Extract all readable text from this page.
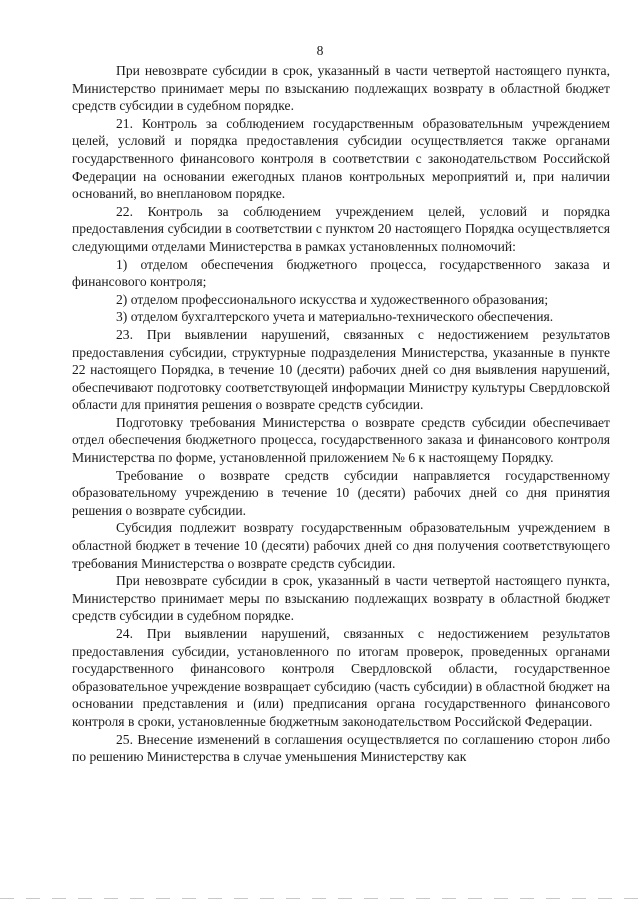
8

При невозврате субсидии в срок, указанный в части четвертой настоящего пункта, Министерство принимает меры по взысканию подлежащих возврату в областной бюджет средств субсидии в судебном порядке.

21. Контроль за соблюдением государственным образовательным учреждением целей, условий и порядка предоставления субсидии осуществляется также органами государственного финансового контроля в соответствии с законодательством Российской Федерации на основании ежегодных планов контрольных мероприятий и, при наличии оснований, во внеплановом порядке.

22. Контроль за соблюдением учреждением целей, условий и порядка предоставления субсидии в соответствии с пунктом 20 настоящего Порядка осуществляется следующими отделами Министерства в рамках установленных полномочий:

1) отделом обеспечения бюджетного процесса, государственного заказа и финансового контроля;

2) отделом профессионального искусства и художественного образования;

3) отделом бухгалтерского учета и материально-технического обеспечения.

23. При выявлении нарушений, связанных с недостижением результатов предоставления субсидии, структурные подразделения Министерства, указанные в пункте 22 настоящего Порядка, в течение 10 (десяти) рабочих дней со дня выявления нарушений, обеспечивают подготовку соответствующей информации Министру культуры Свердловской области для принятия решения о возврате средств субсидии.

Подготовку требования Министерства о возврате средств субсидии обеспечивает отдел обеспечения бюджетного процесса, государственного заказа и финансового контроля Министерства по форме, установленной приложением № 6 к настоящему Порядку.

Требование о возврате средств субсидии направляется государственному образовательному учреждению в течение 10 (десяти) рабочих дней со дня принятия решения о возврате субсидии.

Субсидия подлежит возврату государственным образовательным учреждением в областной бюджет в течение 10 (десяти) рабочих дней со дня получения соответствующего требования Министерства о возврате средств субсидии.

При невозврате субсидии в срок, указанный в части четвертой настоящего пункта, Министерство принимает меры по взысканию подлежащих возврату в областной бюджет средств субсидии в судебном порядке.

24. При выявлении нарушений, связанных с недостижением результатов предоставления субсидии, установленного по итогам проверок, проведенных органами государственного финансового контроля Свердловской области, государственное образовательное учреждение возвращает субсидию (часть субсидии) в областной бюджет на основании представления и (или) предписания органа государственного финансового контроля в сроки, установленные бюджетным законодательством Российской Федерации.

25. Внесение изменений в соглашения осуществляется по соглашению сторон либо по решению Министерства в случае уменьшения Министерству как
